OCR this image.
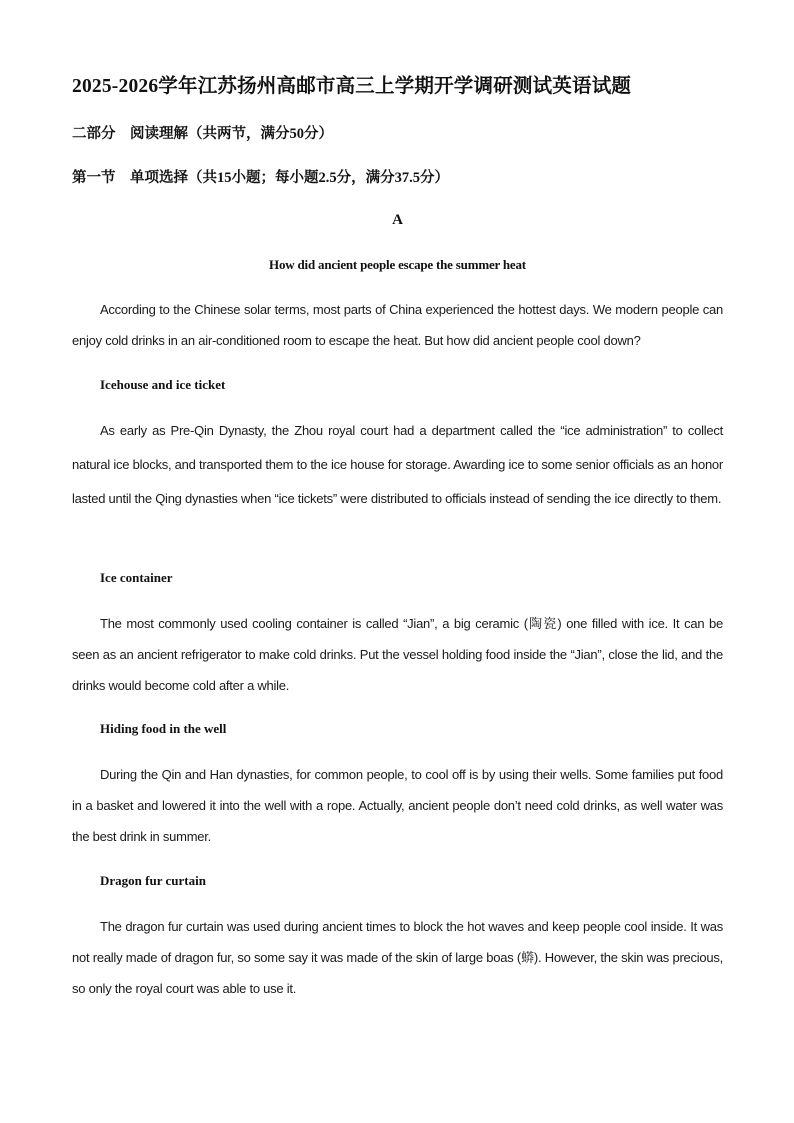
2025-2026学年江苏扬州高邮市高三上学期开学调研测试英语试题
二部分　阅读理解（共两节，满分50分）
第一节　单项选择（共15小题；每小题2.5分，满分37.5分）
A
How did ancient people escape the summer heat
According to the Chinese solar terms, most parts of China experienced the hottest days. We modern people can enjoy cold drinks in an air-conditioned room to escape the heat. But how did ancient people cool down?
Icehouse and ice ticket
As early as Pre-Qin Dynasty, the Zhou royal court had a department called the “ice administration” to collect natural ice blocks, and transported them to the ice house for storage. Awarding ice to some senior officials as an honor lasted until the Qing dynasties when “ice tickets” were distributed to officials instead of sending the ice directly to them.
Ice container
The most commonly used cooling container is called “Jian”, a big ceramic (陶瓷) one filled with ice. It can be seen as an ancient refrigerator to make cold drinks. Put the vessel holding food inside the “Jian”, close the lid, and the drinks would become cold after a while.
Hiding food in the well
During the Qin and Han dynasties, for common people, to cool off is by using their wells. Some families put food in a basket and lowered it into the well with a rope. Actually, ancient people don’t need cold drinks, as well water was the best drink in summer.
Dragon fur curtain
The dragon fur curtain was used during ancient times to block the hot waves and keep people cool inside. It was not really made of dragon fur, so some say it was made of the skin of large boas (蟒). However, the skin was precious, so only the royal court was able to use it.
